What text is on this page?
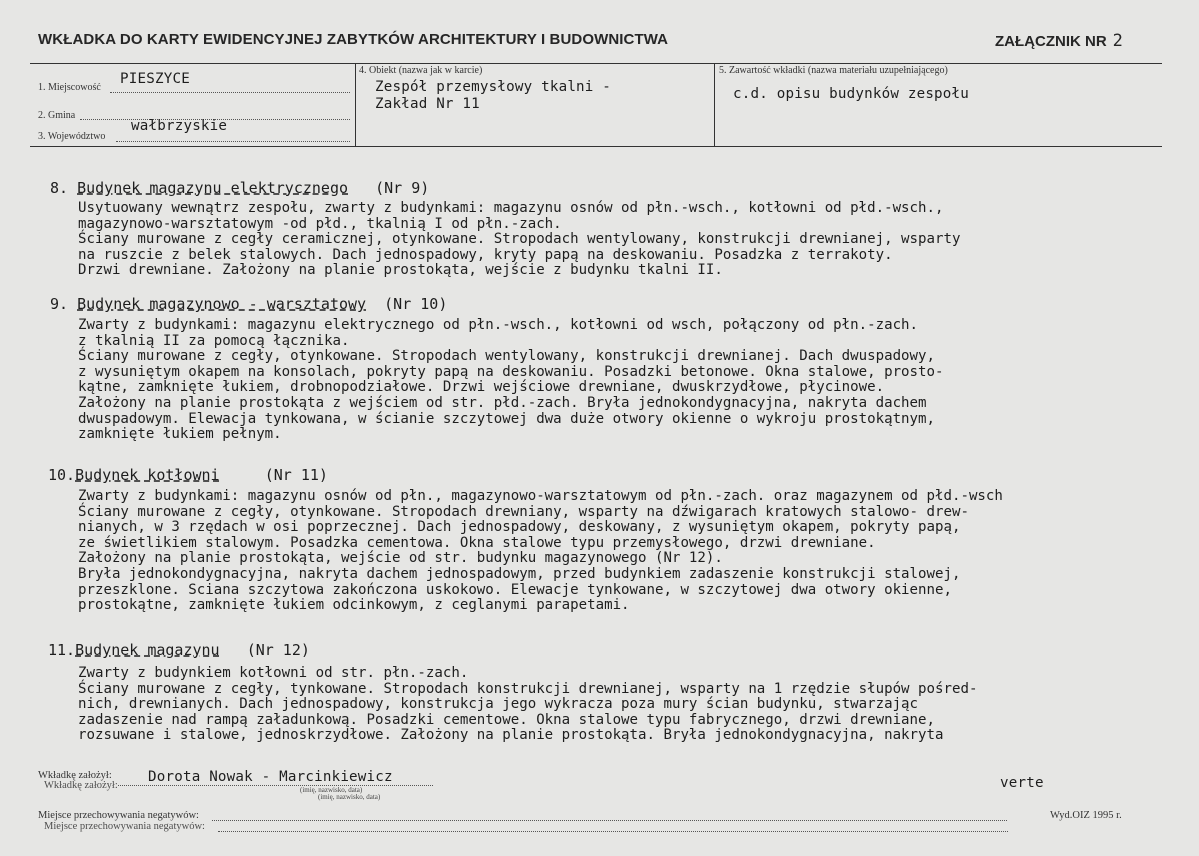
WKŁADKA DO KARTY EWIDENCYJNEJ ZABYTKÓW ARCHITEKTURY I BUDOWNICTWA	ZAŁĄCZNIK NR 2
1. Miejscowość
PIESZYCE
2. Gmina
3. Województwo
wałbrzyskie
4. Obiekt (nazwa jak w karcie)
Zespół przemysłowy tkalni -
Zakład Nr 11
5. Zawartość wkładki (nazwa materiału uzupełniającego)
c.d. opisu budynków zespołu
8. Budynek magazynu elektrycznego (Nr 9)
Usytuowany wewnątrz zespołu, zwarty z budynkami: magazynu osnów od płn.-wsch., kotłowni od płd.-wsch.,
magazynowo-warsztatowym -od płd., tkalnią I od płn.-zach.
Ściany murowane z cegły ceramicznej, otynkowane. Stropodach wentylowany, konstrukcji drewnianej, wsparty
na ruszcie z belek stalowych. Dach jednospadowy, kryty papą na deskowaniu. Posadzka z terrakoty.
Drzwi drewniane. Założony na planie prostokąta, wejście z budynku tkalni II.
9. Budynek magazynowo - warsztatowy (Nr 10)
Zwarty z budynkami: magazynu elektrycznego od płn.-wsch., kotłowni od wsch, połączony od płn.-zach.
z tkalnią II za pomocą łącznika.
Ściany murowane z cegły, otynkowane. Stropodach wentylowany, konstrukcji drewnianej. Dach dwuspadowy,
z wysuniętym okapem na konsolach, pokryty papą na deskowaniu. Posadzki betonowe. Okna stalowe, prosto-
kątne, zamknięte łukiem, drobnopodziałowe. Drzwi wejściowe drewniane, dwuskrzydłowe, płycinowe.
Założony na planie prostokąta z wejściem od str. płd.-zach. Bryła jednokondygnacyjna, nakryta dachem
dwuspadowym. Elewacja tynkowana, w ścianie szczytowej dwa duże otwory okienne o wykroju prostokątnym,
zamknięte łukiem pełnym.
10.Budynek kotłowni	(Nr 11)
Zwarty z budynkami: magazynu osnów od płn., magazynowo-warsztatowym od płn.-zach. oraz magazynem od płd.-wsch
Ściany murowane z cegły, otynkowane. Stropodach drewniany, wsparty na dźwigarach kratowych stalowo- drew-
nianych, w 3 rzędach w osi poprzecznej. Dach jednospadowy, deskowany, z wysuniętym okapem, pokryty papą,
ze świetlikiem stalowym. Posadzka cementowa. Okna stalowe typu przemysłowego, drzwi drewniane.
Założony na planie prostokąta, wejście od str. budynku magazynowego (Nr 12).
Bryła jednokondygnacyjna, nakryta dachem jednospadowym, przed budynkiem zadaszenie konstrukcji stalowej,
przeszklone. Sciana szczytowa zakończona uskokowo. Elewacje tynkowane, w szczytowej dwa otwory okienne,
prostokątne, zamknięte łukiem odcinkowym, z ceglanymi parapetami.
11.Budynek magazynu (Nr 12)
Zwarty z budynkiem kotłowni od str. płn.-zach.
Ściany murowane z cegły, tynkowane. Stropodach konstrukcji drewnianej, wsparty na 1 rzędzie słupów pośred-
nich, drewnianych. Dach jednospadowy, konstrukcja jego wykracza poza mury ścian budynku, stwarzając
zadaszenie nad rampą załadunkową. Posadzki cementowe. Okna stalowe typu fabrycznego, drzwi drewniane,
rozsuwane i stalowe, jednoskrzydłowe. Założony na planie prostokąta. Bryła jednokondygnacyjna, nakryta
Wkładkę założył:
Wkładkę założył:
Dorota Nowak - Marcinkiewicz
(imię, nazwisko, data)
(imię, nazwisko, data)
verte
Miejsce przechowywania negatywów:
Miejsce przechowywania negatywów:
Wyd.OIZ 1995 r.
